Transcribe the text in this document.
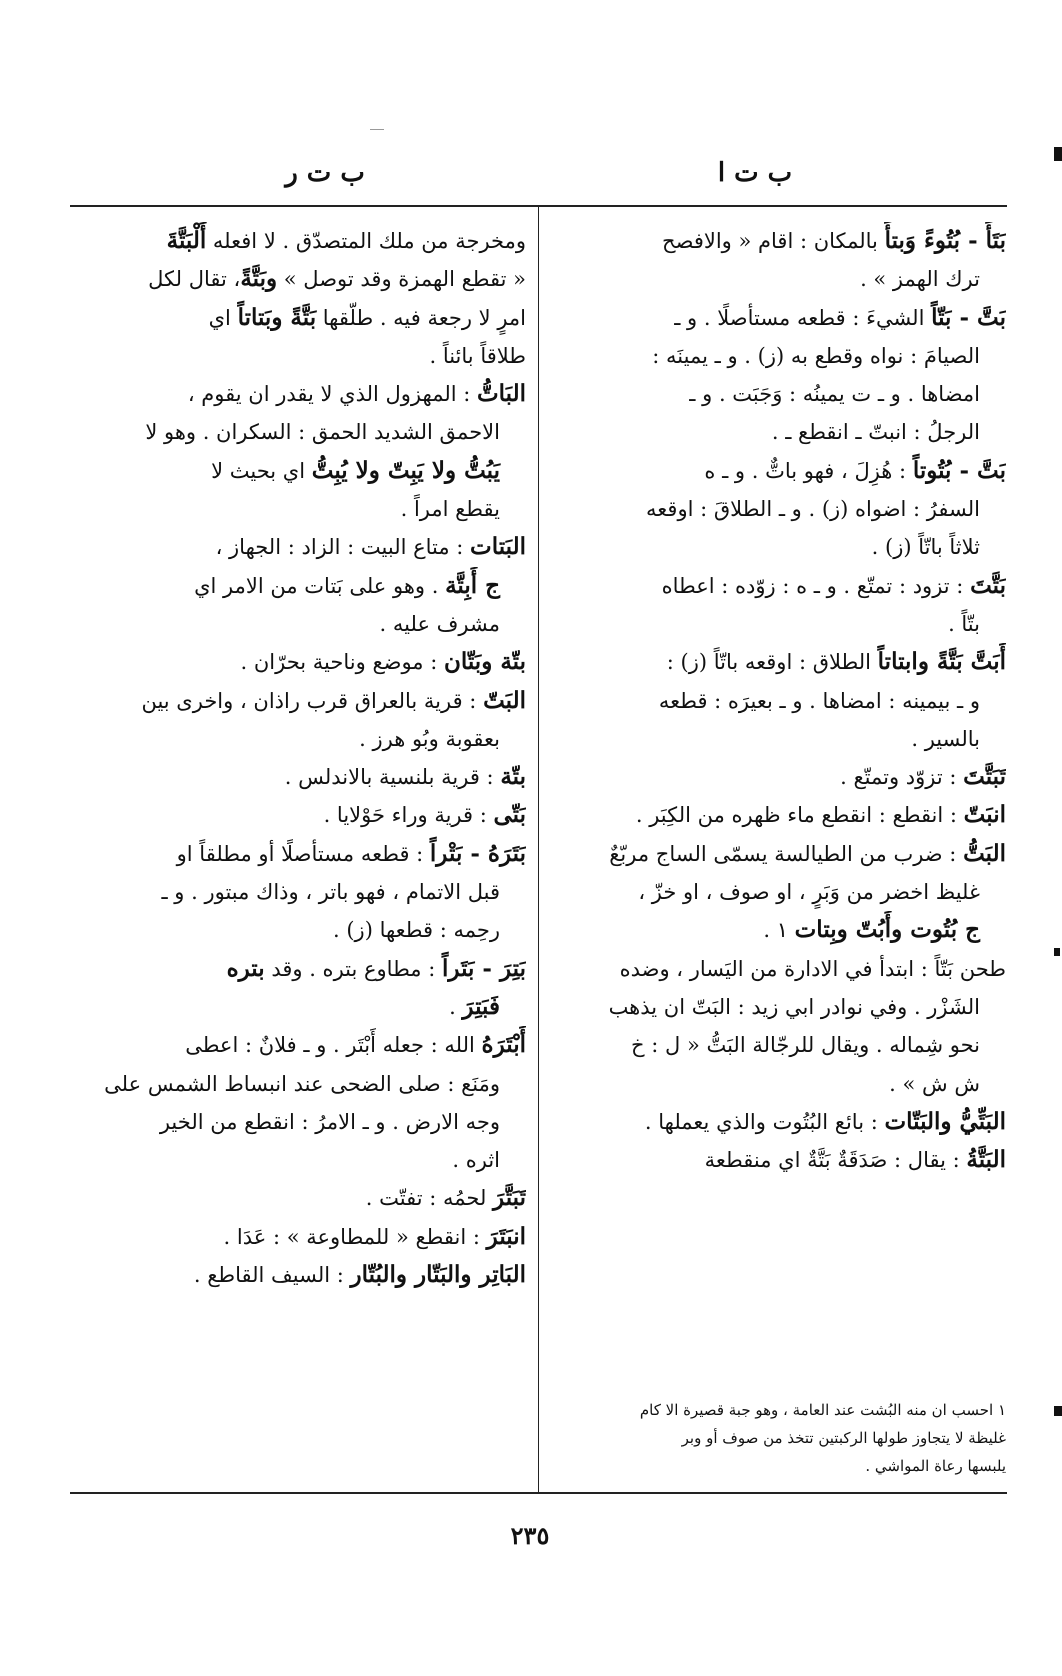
ب ت ا
ب ت ر

بَتَأَ - بُتُوءً وَبتأً بالمكان : اقام « والافصح

ترك الهمز » .

بَتَّ - بَتّاً الشيءَ : قطعه مستأصلًا . و ـ

الصيامَ : نواه وقطع به (ز) . و ـ يمينَه :

امضاها . و ـ ت يمينُه : وَجَبَت . و ـ

الرجلُ : انبتّ ـ انقطع ـ .

بَتَّ - بُتُوتاً : هُزِلَ ، فهو باتٌّ . و ـ ه

السفرُ : اضواه (ز) . و ـ الطلاقَ : اوقعه

ثلاثاً باتّاً (ز) .

بَتَّتَ : تزود : تمتّع . و ـ ه : زوّده : اعطاه

بتّاً .

أَبَتَّ بَتَّةً وابتاتاً الطلاق : اوقعه باتّاً (ز) :

و ـ بيمينه : امضاها . و ـ بعيرَه : قطعه

بالسير .

تَبَتَّتَ : تزوّد وتمتّع .

انبَتّ : انقطع : انقطع ماء ظهره من الكِبَر .

البَتُّ : ضرب من الطيالسة يسمّى الساج مربّعٌ

غليظ اخضر من وَبَرٍ ، او صوف ، او خزّ ،

ج بُتُوت وأَبُتّ وبِتات ١ .

طحن بَتّاً : ابتدأ في الادارة من اليَسار ، وضده

الشَزْر . وفي نوادر ابي زيد : البَتّ ان يذهب

نحو شِماله . ويقال للرجّالة البَتُّ « ل : خ

ش ش » .

البَتِّيُّ والبَتّات : بائع البُتُوت والذي يعملها .

البَتَّةُ : يقال : صَدَقَةٌ بَتَّةٌ اي منقطعة

ومخرجة من ملك المتصدّق . لا افعله أَلْبَتَّةَ

« تقطع الهمزة وقد توصل » وبَتَّةً، تقال لكل

امرٍ لا رجعة فيه . طلّقها بَتَّةً وبَتاتاً اي

طلاقاً بائناً .

البَاتُّ : المهزول الذي لا يقدر ان يقوم ،

الاحمق الشديد الحمق : السكران . وهو لا

يَبُتُّ ولا يَبِتّ ولا يُبِتُّ اي بحيث لا

يقطع امراً .

البَتات : متاع البيت : الزاد : الجهاز ،

ج أَبِتَّة . وهو على بَتات من الامر اي

مشرف عليه .

بتّة وبَتّان : موضع وناحية بحرّان .

البَتّ : قرية بالعراق قرب راذان ، واخرى بين

بعقوبة وبُو هرز .

بتّة : قرية بلنسية بالاندلس .

بَتّى : قرية وراء حَوْلايا .

بَتَرَهُ - بَتْراً : قطعه مستأصلًا أو مطلقاً او

قبل الاتمام ، فهو باتر ، وذاك مبتور . و ـ

رحِمه : قطعها (ز) .

بَتِرَ - بَتَراً : مطاوع بتره . وقد بتره

فَبَتِرَ .

أَبْتَرَهُ الله : جعله أَبْتَر . و ـ فلانٌ : اعطى

ومَنَع : صلى الضحى عند انبساط الشمس على

وجه الارض . و ـ الامرُ : انقطع من الخير

اثره .

تَبَتَّرَ لحمُه : تفتّت .

انبَتَرَ : انقطع « للمطاوعة » : عَدَا .

البَاتِر والبَتّار والبُتّار : السيف القاطع .

١ احسب ان منه البُشت عند العامة ، وهو جبة قصيرة الا كام

غليظة لا يتجاوز طولها الركبتين تتخذ من صوف أو وبر

يلبسها رعاة المواشي .

٢٣٥
